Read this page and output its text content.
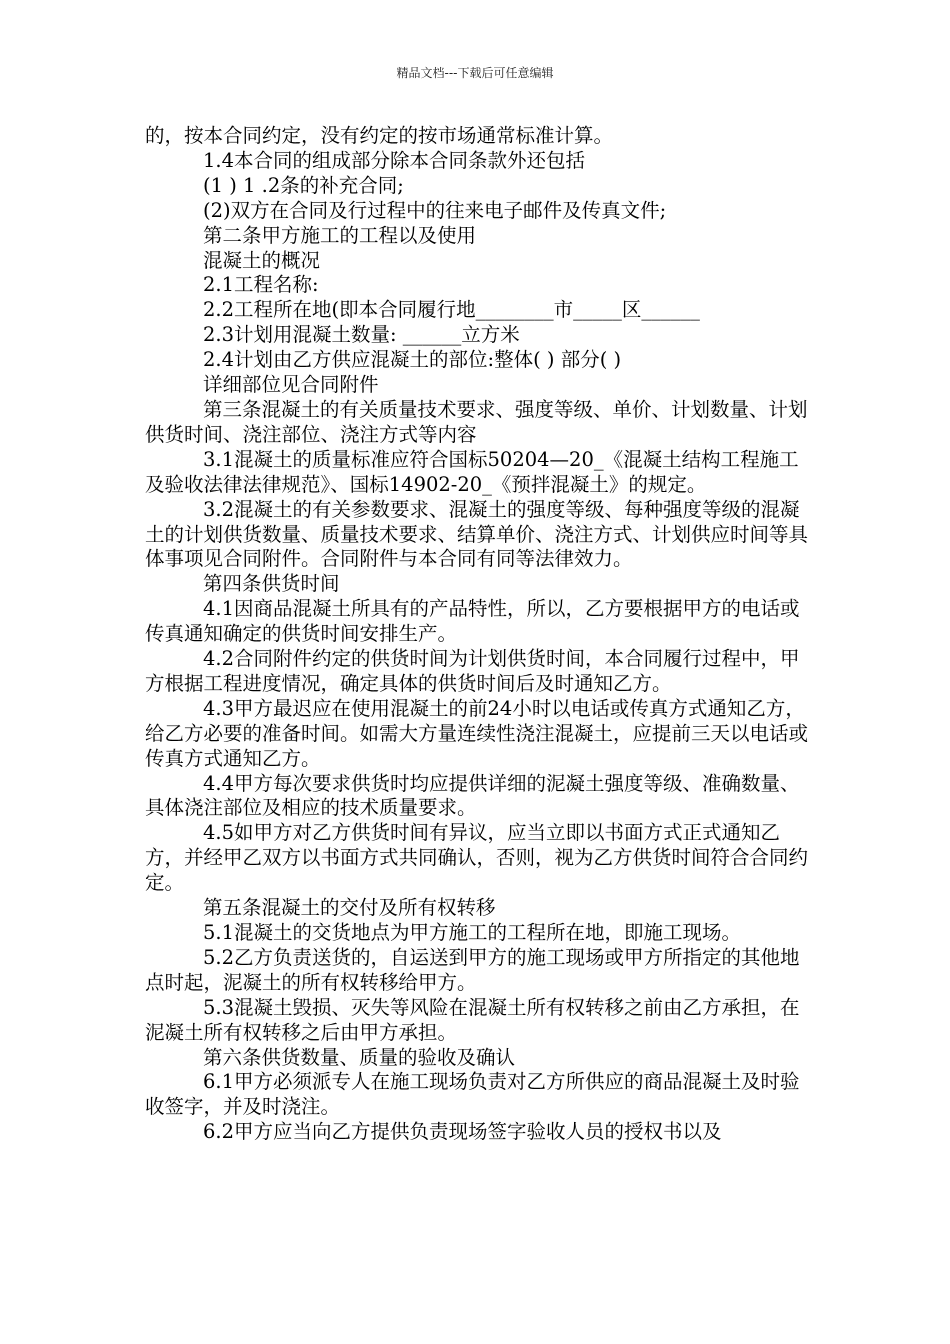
精品文档---下载后可任意编辑

的，按本合同约定，没有约定的按市场通常标准计算。

1.4本合同的组成部分除本合同条款外还包括

(1 ) 1 .2条的补充合同;

(2)双方在合同及行过程中的往来电子邮件及传真文件;

第二条甲方施工的工程以及使用

混凝土的概况

2.1工程名称:

2.2工程所在地(即本合同履行地________市_____区______

2.3计划用混凝土数量: ______立方米

2.4计划由乙方供应混凝土的部位:整体( ) 部分( )

详细部位见合同附件

第三条混凝土的有关质量技术要求、强度等级、单价、计划数量、计划供货时间、浇注部位、浇注方式等内容

3.1混凝土的质量标准应符合国标50204—20_《混凝土结构工程施工及验收法律法律规范》、国标14902-20_《预拌混凝土》的规定。

3.2混凝土的有关参数要求、混凝土的强度等级、每种强度等级的混凝土的计划供货数量、质量技术要求、结算单价、浇注方式、计划供应时间等具体事项见合同附件。合同附件与本合同有同等法律效力。

第四条供货时间

4.1因商品混凝土所具有的产品特性，所以，乙方要根据甲方的电话或传真通知确定的供货时间安排生产。

4.2合同附件约定的供货时间为计划供货时间，本合同履行过程中，甲方根据工程进度情况，确定具体的供货时间后及时通知乙方。

4.3甲方最迟应在使用混凝土的前24小时以电话或传真方式通知乙方，给乙方必要的准备时间。如需大方量连续性浇注混凝土，应提前三天以电话或传真方式通知乙方。

4.4甲方每次要求供货时均应提供详细的泥凝土强度等级、准确数量、具体浇注部位及相应的技术质量要求。

4.5如甲方对乙方供货时间有异议，应当立即以书面方式正式通知乙方，并经甲乙双方以书面方式共同确认，否则，视为乙方供货时间符合合同约定。

第五条混凝土的交付及所有权转移

5.1混凝土的交货地点为甲方施工的工程所在地，即施工现场。

5.2乙方负责送货的，自运送到甲方的施工现场或甲方所指定的其他地点时起，泥凝土的所有权转移给甲方。

5.3混凝土毁损、灭失等风险在混凝土所有权转移之前由乙方承担，在泥凝土所有权转移之后由甲方承担。

第六条供货数量、质量的验收及确认

6.1甲方必须派专人在施工现场负责对乙方所供应的商品混凝土及时验收签字，并及时浇注。

6.2甲方应当向乙方提供负责现场签字验收人员的授权书以及
